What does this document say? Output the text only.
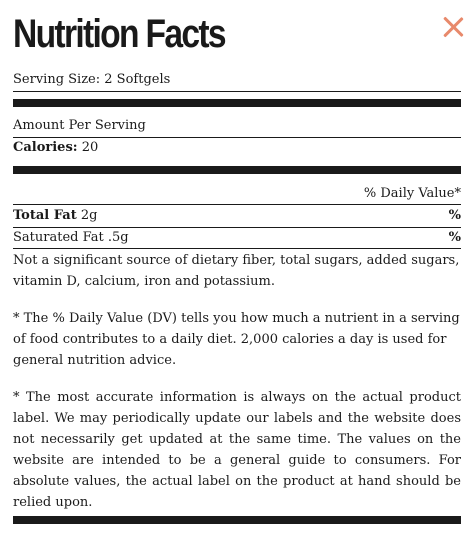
Nutrition Facts
Serving Size: 2 Softgels
Amount Per Serving
Calories: 20
% Daily Value*
Total Fat 2g	%
Saturated Fat .5g	%

Not a significant source of dietary fiber, total sugars, added sugars, vitamin D, calcium, iron and potassium.

* The % Daily Value (DV) tells you how much a nutrient in a serving of food contributes to a daily diet. 2,000 calories a day is used for general nutrition advice.

* The most accurate information is always on the actual product label. We may periodically update our labels and the website does not necessarily get updated at the same time. The values on the website are intended to be a general guide to consumers. For absolute values, the actual label on the product at hand should be relied upon.
